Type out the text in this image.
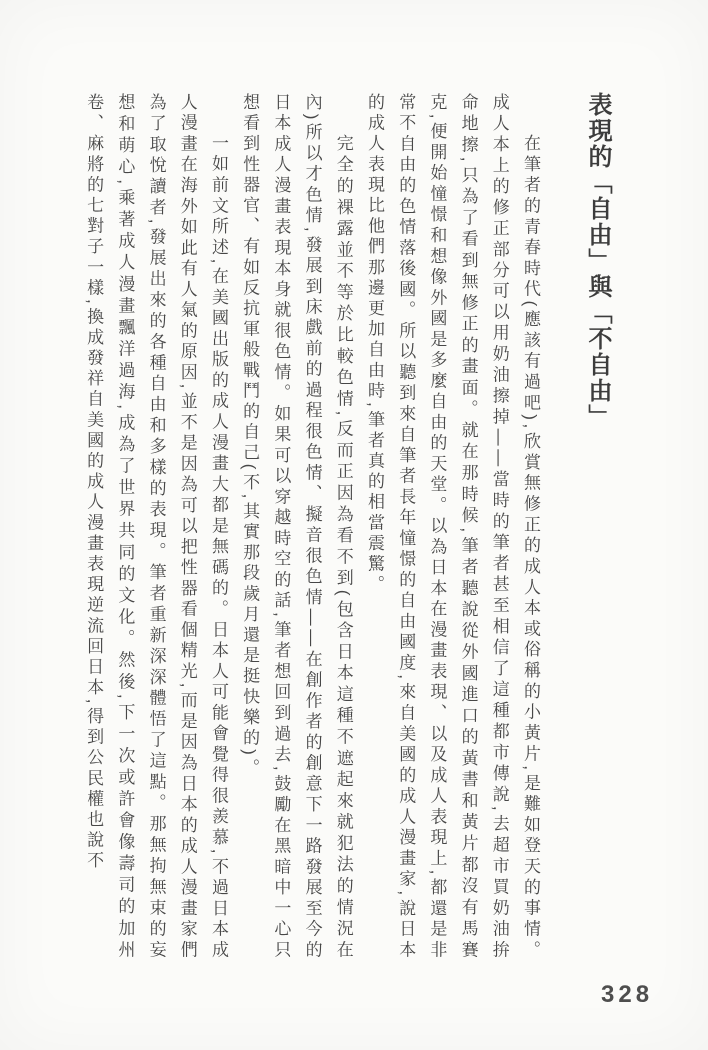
表現的「自由」與「不自由」

在筆者的青春時代(應該有過吧),欣賞無修正的成人本或俗稱的小黃片,是難如登天的事情。成人本上的修正部分可以用奶油擦掉——當時的筆者甚至相信了這種都市傳說,去超市買奶油拚命地擦,只為了看到無修正的畫面。就在那時候,筆者聽說從外國進口的黃書和黃片都沒有馬賽克,便開始憧憬和想像外國是多麼自由的天堂。以為日本在漫畫表現、以及成人表現上,都還是非常不自由的色情落後國。所以聽到來自筆者長年憧憬的自由國度,來自美國的成人漫畫家,說日本的成人表現比他們那邊更加自由時,筆者真的相當震驚。

完全的裸露並不等於比較色情,反而正因為看不到(包含日本這種不遮起來就犯法的情況在內)所以才色情,發展到床戲前的過程很色情、擬音很色情——在創作者的創意下一路發展至今的日本成人漫畫表現本身就很色情。如果可以穿越時空的話,筆者想回到過去,鼓勵在黑暗中一心只想看到性器官、有如反抗軍般戰鬥的自己(不,其實那段歲月還是挺快樂的)。

一如前文所述,在美國出版的成人漫畫大都是無碼的。日本人可能會覺得很羨慕,不過日本成人漫畫在海外如此有人氣的原因,並不是因為可以把性器看個精光,而是因為日本的成人漫畫家們為了取悅讀者,發展出來的各種自由和多樣的表現。筆者重新深深體悟了這點。那無拘無束的妄想和萌心,乘著成人漫畫飄洋過海,成為了世界共同的文化。然後,下一次或許會像壽司的加州卷、麻將的七對子一樣,換成發祥自美國的成人漫畫表現逆流回日本,得到公民權也說不

328
